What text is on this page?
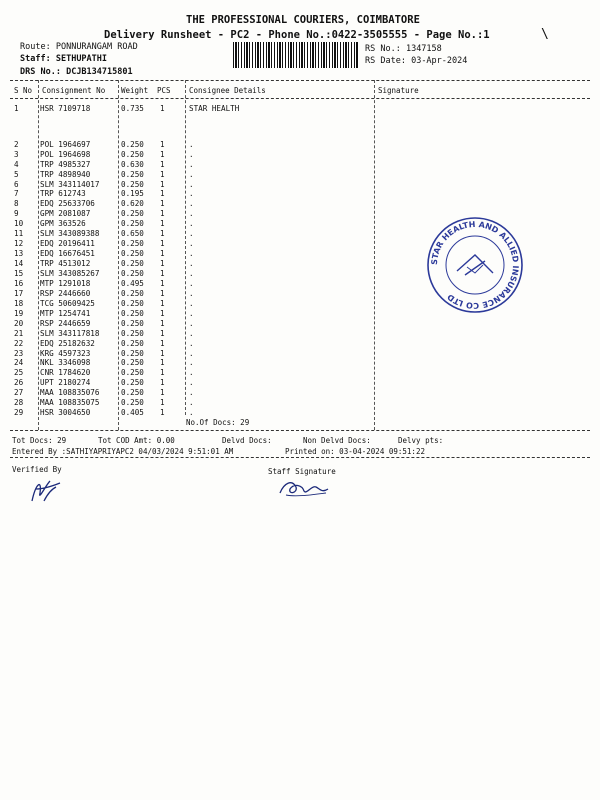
THE PROFESSIONAL COURIERS, COIMBATORE
Delivery Runsheet - PC2 - Phone No.:0422-3505555 - Page No.:1	\
Route: PONNURANGAM ROAD
Staff: SETHUPATHI
DRS No.: DCJB134715801
RS No.: 1347158
RS Date: 03-Apr-2024
S No Consignment No Weight PCS Consignee Details	Signature
1	HSR 7109718	0.735 1	STAR HEALTH
2	POL 1964697	0.250 1	.
3	POL 1964698	0.250 1	.
4	TRP 4985327	0.630 1	.
5	TRP 4898940	0.250 1	.
6	SLM 343114017	0.250 1	.
7	TRP 612743	0.195 1	.
8	EDQ 25633706	0.620 1	.
9	GPM 2081087	0.250 1	.
10 GPM 363526	0.250 1	.
11 SLM 343089388	0.650 1	.
12 EDQ 20196411	0.250 1	.
13 EDQ 16676451	0.250 1	.
14 TRP 4513012	0.250 1	.
15 SLM 343085267	0.250 1	.
16 MTP 1291018	0.495 1	.
17 RSP 2446660	0.250 1	.
18 TCG 50609425	0.250 1	.
19 MTP 1254741	0.250 1	.
20 RSP 2446659	0.250 1	.
21 SLM 343117818	0.250 1	.
22 EDQ 25182632	0.250 1	.
23 KRG 4597323	0.250 1	.
24 NKL 3346098	0.250 1	.
25 CNR 1784620	0.250 1	.
26 UPT 2180274	0.250 1	.
27 MAA 108835076	0.250 1	.
28 MAA 108835075	0.250 1	.
29 HSR 3004650	0.405 1	.
No.Of Docs: 29
Tot Docs: 29	Tot COD Amt: 0.00	Delvd Docs:	Non Delvd Docs:	Delvy pts:
Entered By :SATHIYAPRIYAPC2 04/03/2024 9:51:01 AM	Printed on: 03-04-2024 09:51:22
Verified By	Staff Signature
STAR HEALTH AND ALLIED INSURANCE CO LTD
